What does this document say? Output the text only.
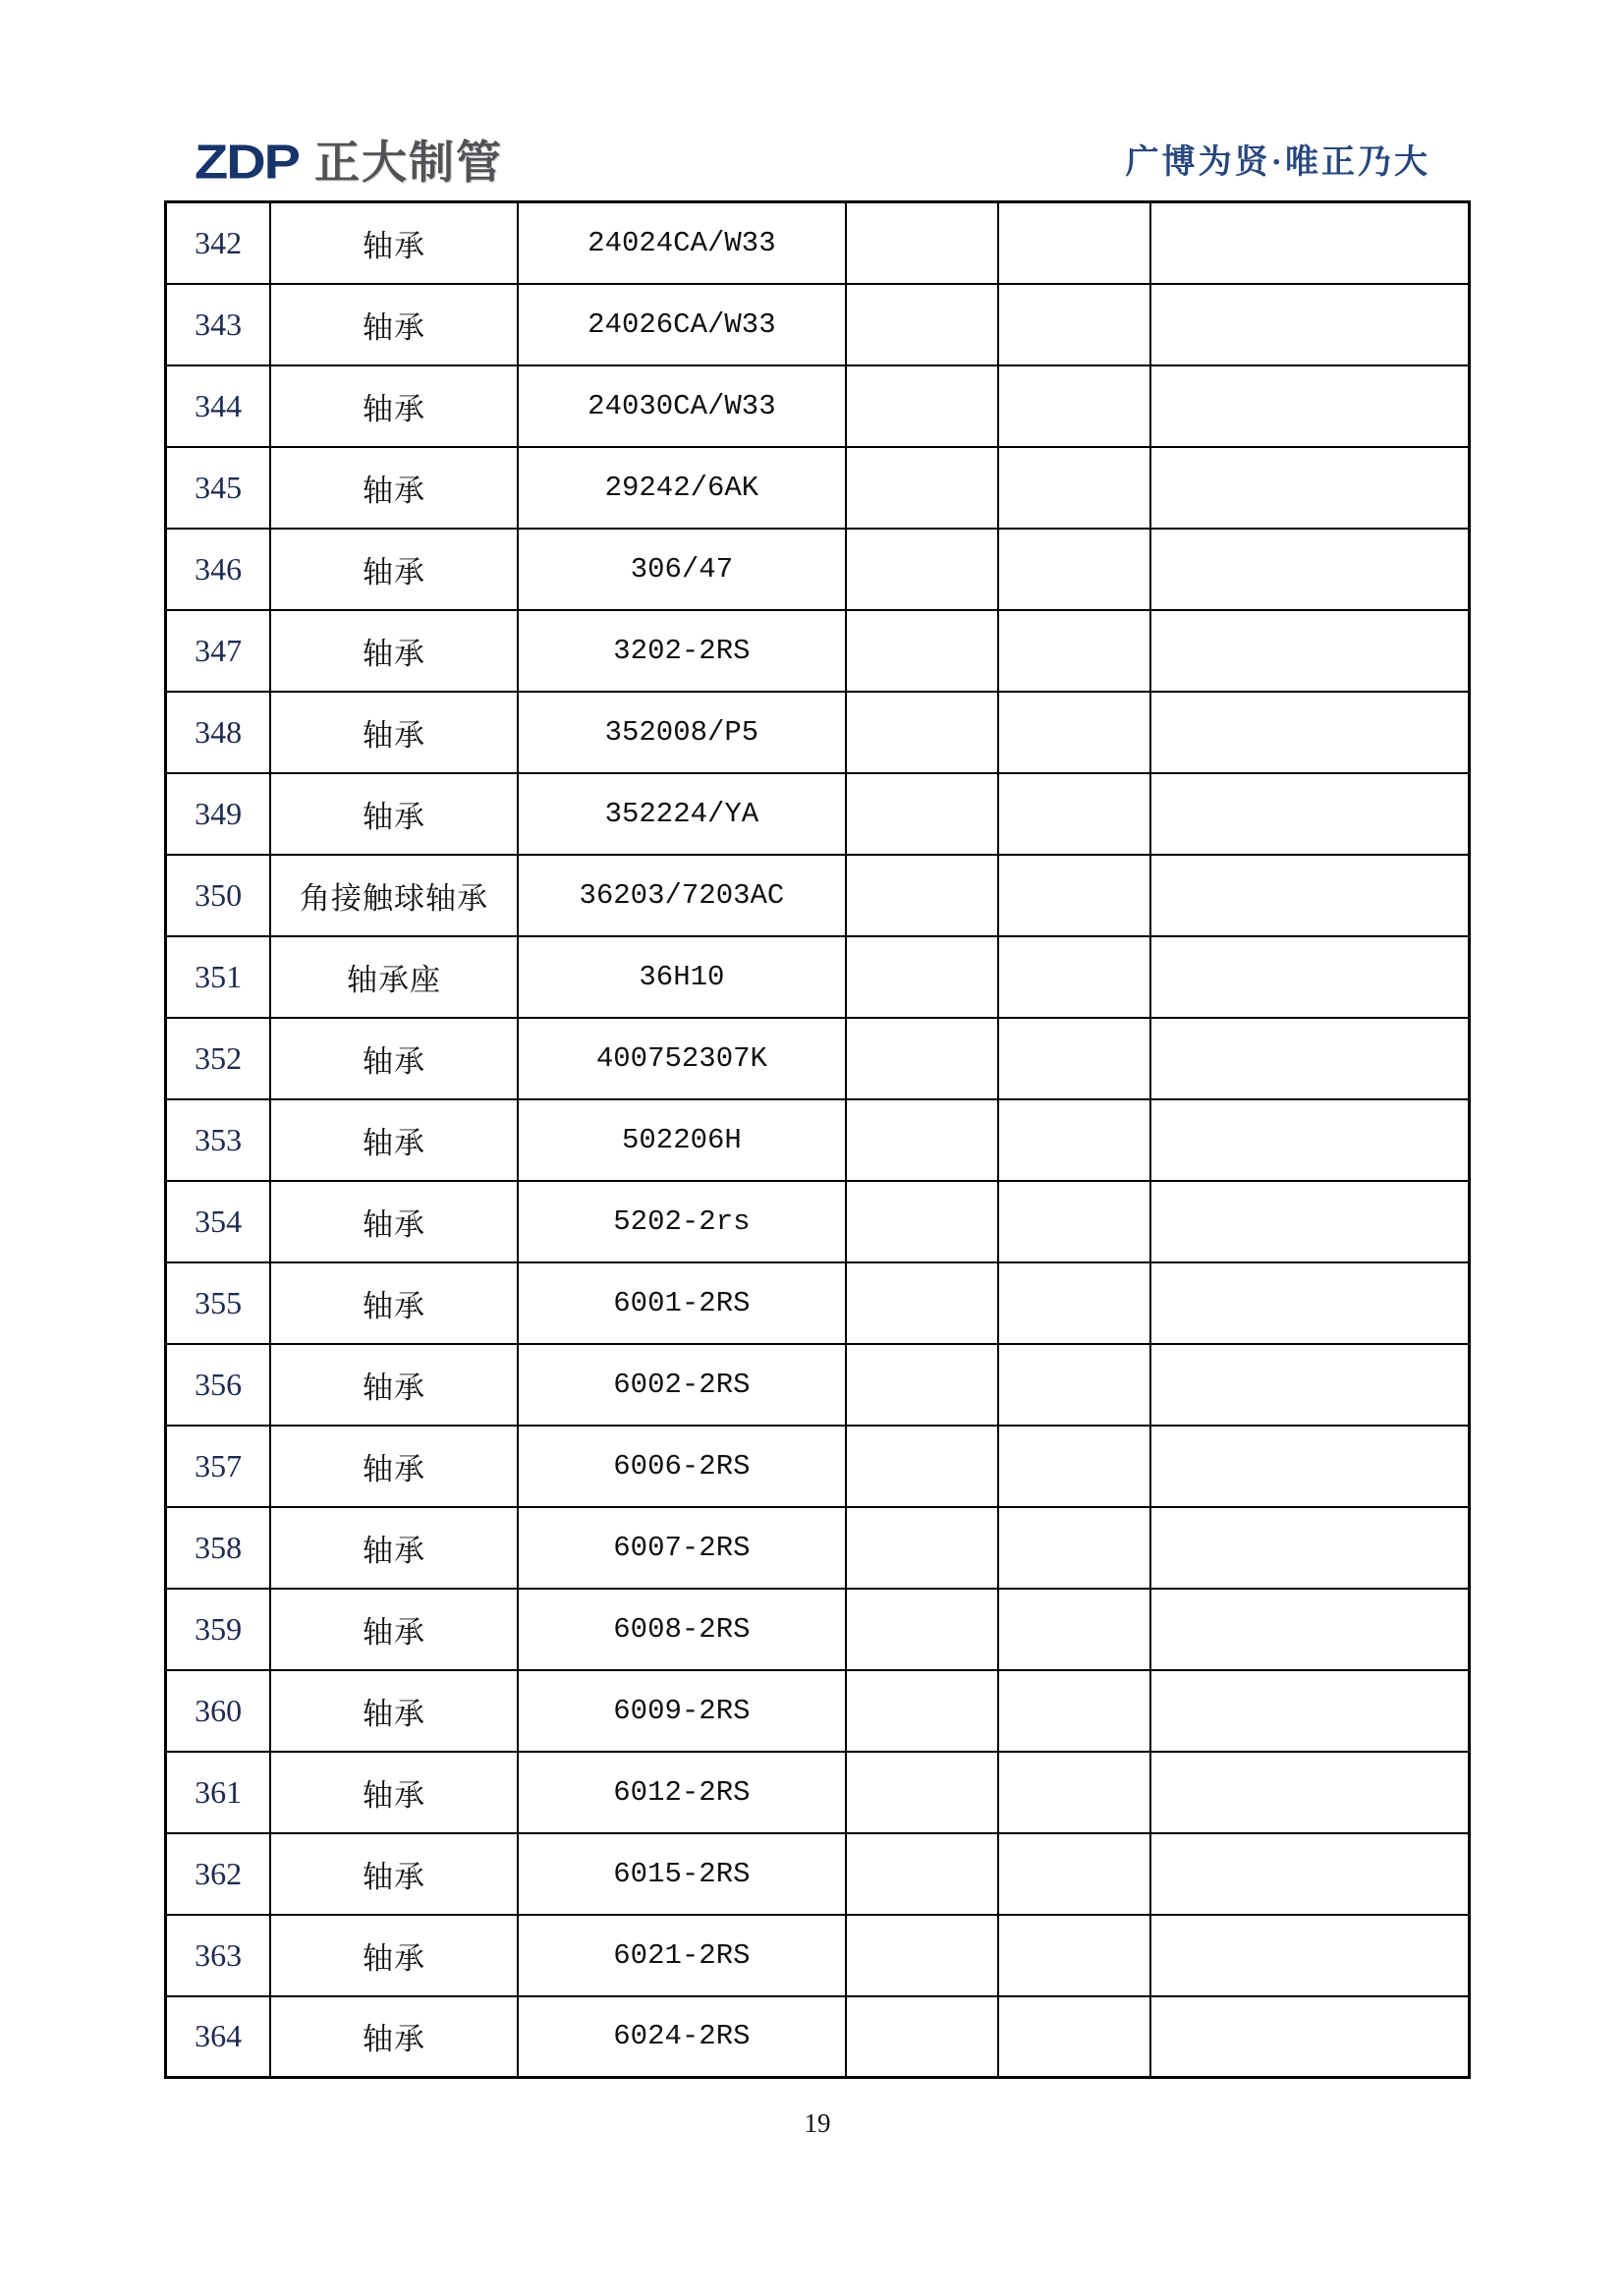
ZDP 正大制管	广博为贤·唯正乃大
342	轴承	24024CA/W33			
343	轴承	24026CA/W33			
344	轴承	24030CA/W33			
345	轴承	29242/6AK			
346	轴承	306/47			
347	轴承	3202-2RS			
348	轴承	352008/P5			
349	轴承	352224/YA			
350	角接触球轴承	36203/7203AC			
351	轴承座	36H10			
352	轴承	400752307K			
353	轴承	502206H			
354	轴承	5202-2rs			
355	轴承	6001-2RS			
356	轴承	6002-2RS			
357	轴承	6006-2RS			
358	轴承	6007-2RS			
359	轴承	6008-2RS			
360	轴承	6009-2RS			
361	轴承	6012-2RS			
362	轴承	6015-2RS			
363	轴承	6021-2RS			
364	轴承	6024-2RS			
19
